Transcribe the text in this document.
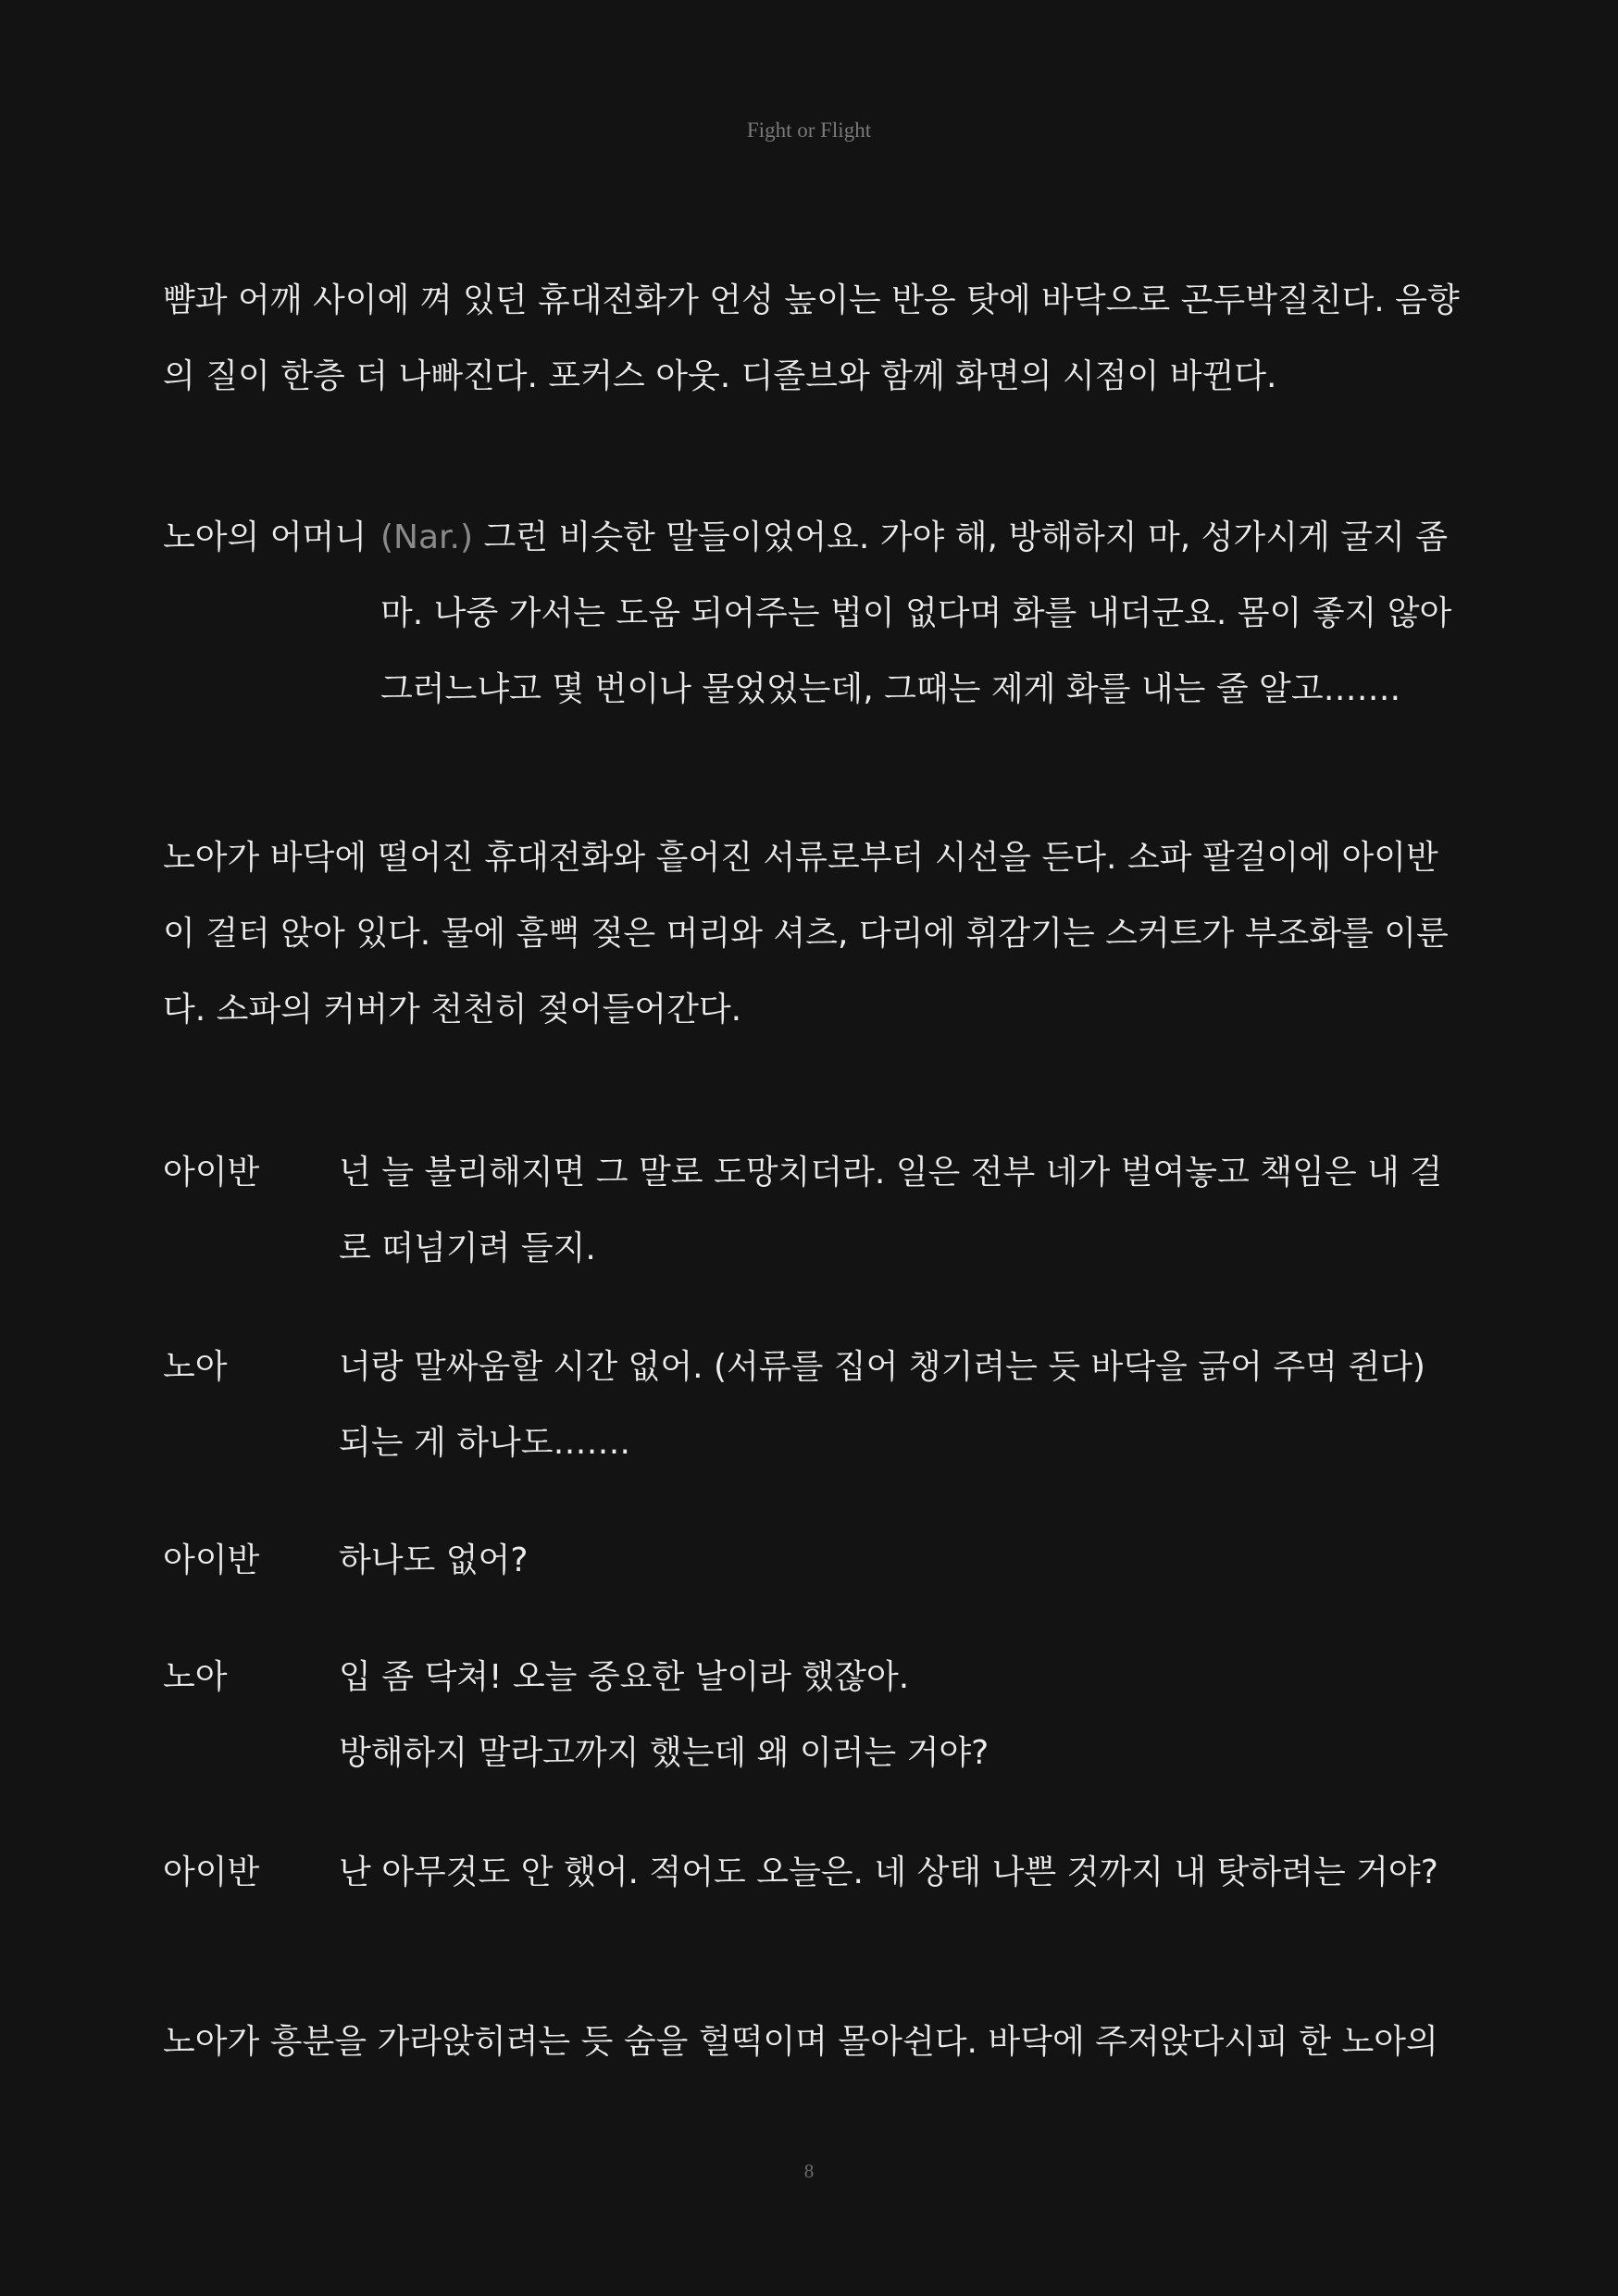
Fight or Flight
뺨과 어깨 사이에 껴 있던 휴대전화가 언성 높이는 반응 탓에 바닥으로 곤두박질친다. 음향
의 질이 한층 더 나빠진다. 포커스 아웃. 디졸브와 함께 화면의 시점이 바뀐다.
노아의 어머니 (Nar.) 그런 비슷한 말들이었어요. 가야 해, 방해하지 마, 성가시게 굴지 좀
마. 나중 가서는 도움 되어주는 법이 없다며 화를 내더군요. 몸이 좋지 않아
그러느냐고 몇 번이나 물었었는데, 그때는 제게 화를 내는 줄 알고…….
노아가 바닥에 떨어진 휴대전화와 흩어진 서류로부터 시선을 든다. 소파 팔걸이에 아이반
이 걸터 앉아 있다. 물에 흠뻑 젖은 머리와 셔츠, 다리에 휘감기는 스커트가 부조화를 이룬
다. 소파의 커버가 천천히 젖어들어간다.
아이반 넌 늘 불리해지면 그 말로 도망치더라. 일은 전부 네가 벌여놓고 책임은 내 걸
로 떠넘기려 들지.
노아	너랑 말싸움할 시간 없어. (서류를 집어 챙기려는 듯 바닥을 긁어 주먹 쥔다)
되는 게 하나도…….
아이반 하나도 없어?
노아	입 좀 닥쳐! 오늘 중요한 날이라 했잖아.
방해하지 말라고까지 했는데 왜 이러는 거야?
아이반 난 아무것도 안 했어. 적어도 오늘은. 네 상태 나쁜 것까지 내 탓하려는 거야?
노아가 흥분을 가라앉히려는 듯 숨을 헐떡이며 몰아쉰다. 바닥에 주저앉다시피 한 노아의
8
